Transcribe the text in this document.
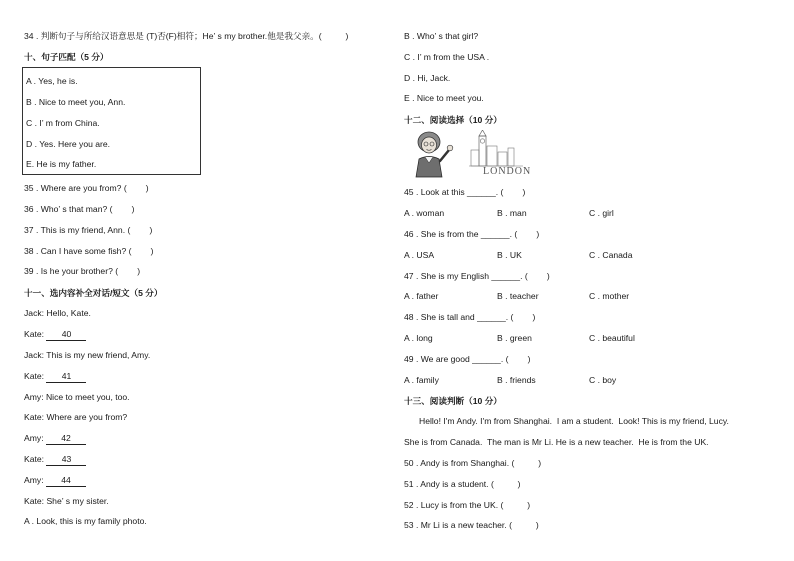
34 . 判断句子与所给汉语意思是 (T)否(F)相符；He’ s my brother.他是我父亲。(          )
十、句子匹配（5 分）
A . Yes, he is.
B . Nice to meet you, Ann.
C . I’ m from China.
D . Yes. Here you are.
E. He is my father.
35 . Where are you from? (        )
36 . Who’ s that man? (        )
37 . This is my friend, Ann. (        )
38 . Can I have some fish? (        )
39 . Is he your brother? (        )
十一、选内容补全对话/短文（5 分）
Jack: Hello, Kate.
Kate: 40
Jack: This is my new friend, Amy.
Kate: 41
Amy: Nice to meet you, too.
Kate: Where are you from?
Amy: 42
Kate: 43
Amy: 44
Kate: She’ s my sister.
A . Look, this is my family photo.
B . Who’ s that girl?
C . I’ m from the USA .
D . Hi, Jack.
E . Nice to meet you.
十二、阅读选择（10 分）
LONDON
45 . Look at this ______. (        )
A . woman	B . man	C . girl
46 . She is from the ______. (        )
A . USA	B . UK	C . Canada
47 . She is my English ______. (        )
A . father	B . teacher	C . mother
48 . She is tall and ______. (        )
A . long	B . green	C . beautiful
49 . We are good ______. (        )
A . family	B . friends	C . boy
十三、阅读判断（10 分）
Hello! I'm Andy. I'm from Shanghai.  I am a student.  Look! This is my friend, Lucy.
She is from Canada.  The man is Mr Li. He is a new teacher.  He is from the UK.
50 . Andy is from Shanghai. (          )
51 . Andy is a student. (          )
52 . Lucy is from the UK. (          )
53 . Mr Li is a new teacher. (          )
